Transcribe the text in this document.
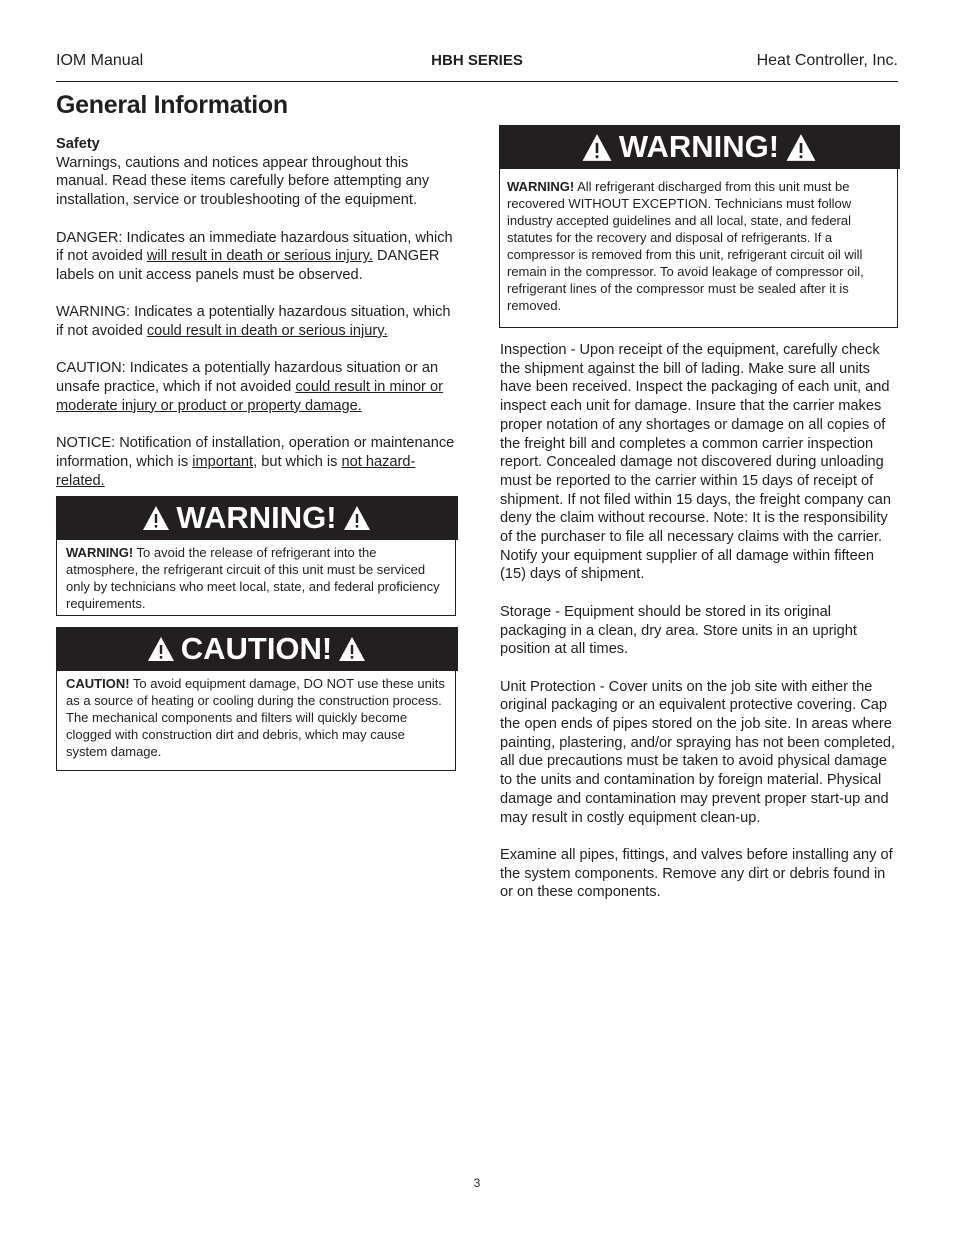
IOM Manual	HBH SERIES	Heat Controller, Inc.
General Information

Safety

Warnings, cautions and notices appear throughout this manual. Read these items carefully before attempting any installation, service or troubleshooting of the equipment.

DANGER: Indicates an immediate hazardous situation, which if not avoided will result in death or serious injury. DANGER labels on unit access panels must be observed.

WARNING: Indicates a potentially hazardous situation, which if not avoided could result in death or serious injury.

CAUTION: Indicates a potentially hazardous situation or an unsafe practice, which if not avoided could result in minor or moderate injury or product or property damage.

NOTICE: Notification of installation, operation or maintenance information, which is important, but which is not hazard-related.

WARNING!
WARNING! To avoid the release of refrigerant into the atmosphere, the refrigerant circuit of this unit must be serviced only by technicians who meet local, state, and federal proficiency requirements.
CAUTION!
CAUTION! To avoid equipment damage, DO NOT use these units as a source of heating or cooling during the construction process. The mechanical components and filters will quickly become clogged with construction dirt and debris, which may cause system damage.
WARNING!
WARNING! All refrigerant discharged from this unit must be recovered WITHOUT EXCEPTION. Technicians must follow industry accepted guidelines and all local, state, and federal statutes for the recovery and disposal of refrigerants. If a compressor is removed from this unit, refrigerant circuit oil will remain in the compressor. To avoid leakage of compressor oil, refrigerant lines of the compressor must be sealed after it is removed.

Inspection - Upon receipt of the equipment, carefully check the shipment against the bill of lading. Make sure all units have been received. Inspect the packaging of each unit, and inspect each unit for damage. Insure that the carrier makes proper notation of any shortages or damage on all copies of the freight bill and completes a common carrier inspection report. Concealed damage not discovered during unloading must be reported to the carrier within 15 days of receipt of shipment. If not filed within 15 days, the freight company can deny the claim without recourse. Note: It is the responsibility of the purchaser to file all necessary claims with the carrier. Notify your equipment supplier of all damage within fifteen (15) days of shipment.

Storage - Equipment should be stored in its original packaging in a clean, dry area. Store units in an upright position at all times.

Unit Protection - Cover units on the job site with either the original packaging or an equivalent protective covering. Cap the open ends of pipes stored on the job site. In areas where painting, plastering, and/or spraying has not been completed, all due precautions must be taken to avoid physical damage to the units and contamination by foreign material. Physical damage and contamination may prevent proper start-up and may result in costly equipment clean-up.

Examine all pipes, fittings, and valves before installing any of the system components. Remove any dirt or debris found in or on these components.

3
